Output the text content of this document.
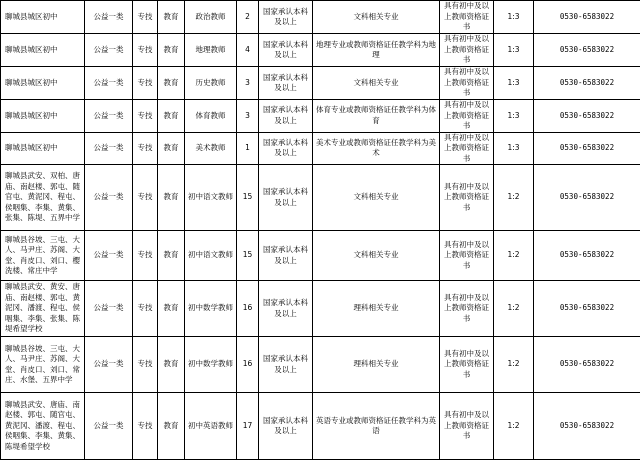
聊城县城区初中	公益一类	专技	教育	政治教师	2	国家承认本科及以上	文科相关专业	具有初中及以上教师资格证书	1:3	0530-6583022
聊城县城区初中	公益一类	专技	教育	地理教师	4	国家承认本科及以上	地理专业或教师资格证任教学科为地理	具有初中及以上教师资格证书	1:3	0530-6583022
聊城县城区初中	公益一类	专技	教育	历史教师	3	国家承认本科及以上	文科相关专业	具有初中及以上教师资格证书	1:3	0530-6583022
聊城县城区初中	公益一类	专技	教育	体育教师	3	国家承认本科及以上	体育专业或教师资格证任教学科为体育	具有初中及以上教师资格证书	1:3	0530-6583022
聊城县城区初中	公益一类	专技	教育	美术教师	1	国家承认本科及以上	美术专业或教师资格证任教学科为美术	具有初中及以上教师资格证书	1:3	0530-6583022
聊城县武安、双柏、唐庙、南赵楼、郭屯、随官屯、黄泥冈、程屯、侯咽集、李集、黄集、张集、陈堤、五界中学	公益一类	专技	教育	初中语文教师	15	国家承认本科及以上	文科相关专业	具有初中及以上教师资格证书	1:2	0530-6583022
聊城县谷坡、三屯、大人、马尹庄、苏阁、大堂、肖皮口、刘口、樱洗楼、常庄中学	公益一类	专技	教育	初中语文教师	15	国家承认本科及以上	文科相关专业	具有初中及以上教师资格证书	1:2	0530-6583022
聊城县武安、黄安、唐庙、南赵楼、郭屯、黄泥冈、潘渡、程屯、侯咽集、李集、张集、陈堤希望学校	公益一类	专技	教育	初中数学教师	16	国家承认本科及以上	理科相关专业	具有初中及以上教师资格证书	1:2	0530-6583022
聊城县谷坡、三屯、大人、马尹庄、苏阁、大堂、肖皮口、刘口、常庄、水堡、五界中学	公益一类	专技	教育	初中数学教师	16	国家承认本科及以上	理科相关专业	具有初中及以上教师资格证书	1:2	0530-6583022
聊城县武安、唐庙、南赵楼、郭屯、随官屯、黄泥冈、潘渡、程屯、侯咽集、李集、黄集、陈堤希望学校	公益一类	专技	教育	初中英语教师	17	国家承认本科及以上	英语专业或教师资格证任教学科为英语	具有初中及以上教师资格证书	1:2	0530-6583022
